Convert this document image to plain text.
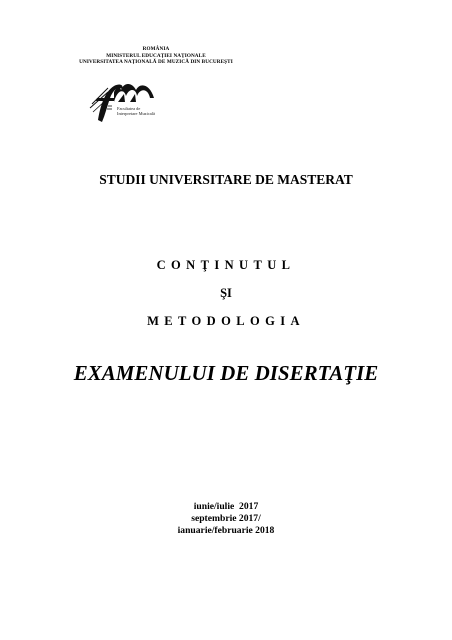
ROMÂNIA
MINISTERUL EDUCAŢIEI NAŢIONALE
UNIVERSITATEA NAŢIONALĂ DE MUZICĂ DIN BUCUREŞTI
Facultatea de
Interpretare Muzicală
STUDII UNIVERSITARE DE MASTERAT
CONŢINUTUL
ŞI
METODOLOGIA
EXAMENULUI DE DISERTAŢIE
iunie/iulie  2017
septembrie 2017/
ianuarie/februarie 2018
